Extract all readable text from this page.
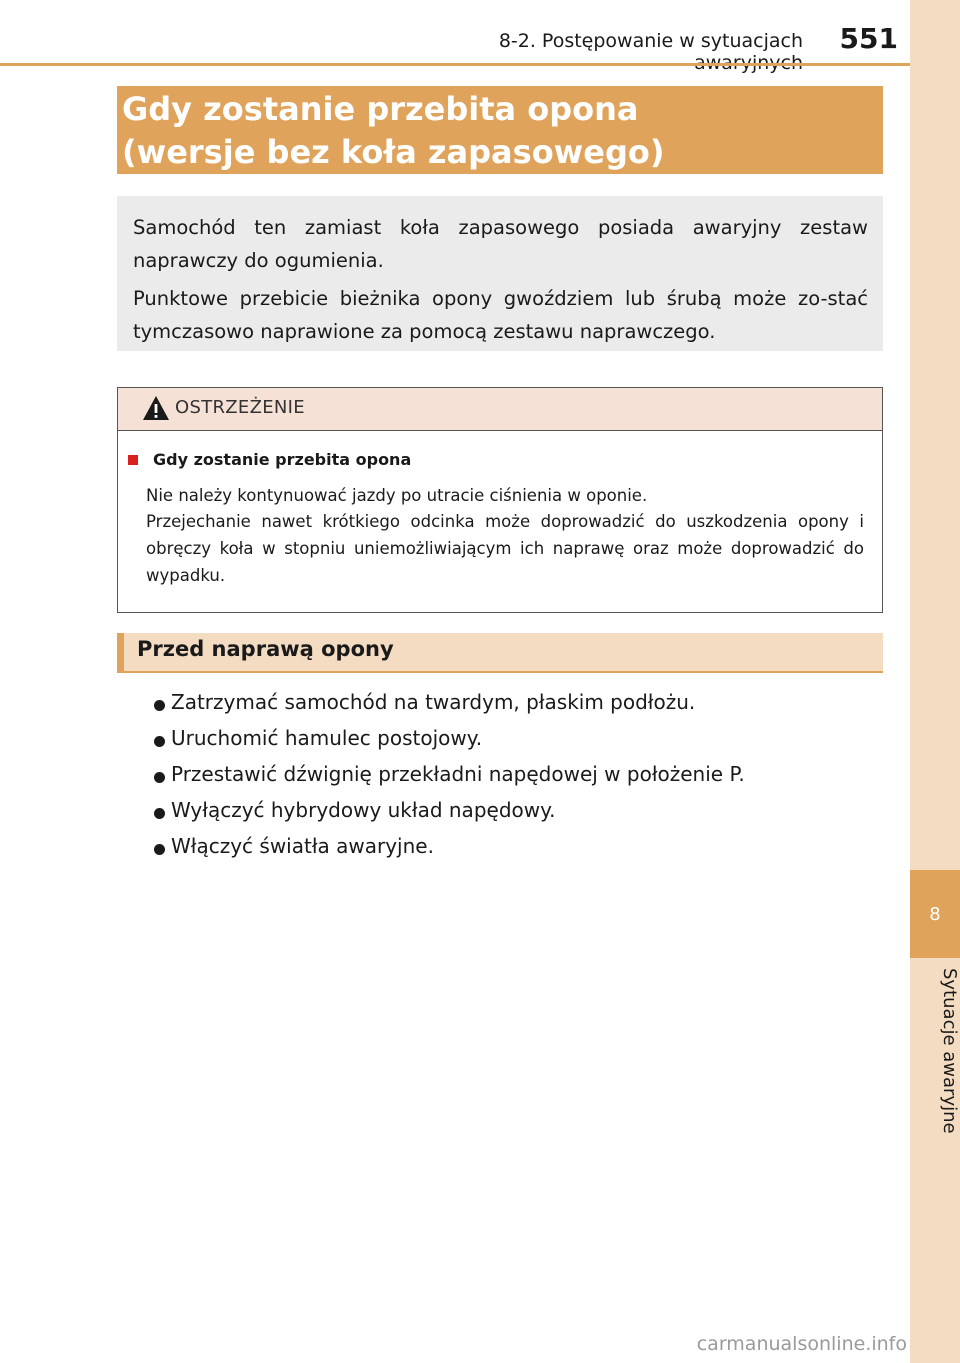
8-2. Postępowanie w sytuacjach	551
8
Sytuacje awaryjne
Gdy zostanie przebita opona
(wersje bez koła zapasowego)
Samochód ten zamiast koła zapasowego posiada awaryjny zestaw naprawczy do ogumienia.
Punktowe przebicie bieżnika opony gwoździem lub śrubą może zo-stać tymczasowo naprawione za pomocą zestawu naprawczego.
OSTRZEŻENIE
Gdy zostanie przebita opona
Nie należy kontynuować jazdy po utracie ciśnienia w oponie.
Przejechanie nawet krótkiego odcinka może doprowadzić do uszkodzenia opony i obręczy koła w stopniu uniemożliwiającym ich naprawę oraz może doprowadzić do wypadku.
Przed naprawą opony
Zatrzymać samochód na twardym, płaskim podłożu.
Uruchomić hamulec postojowy.
Przestawić dźwignię przekładni napędowej w położenie P.
Wyłączyć hybrydowy układ napędowy.
Włączyć światła awaryjne.
carmanualsonline.info
